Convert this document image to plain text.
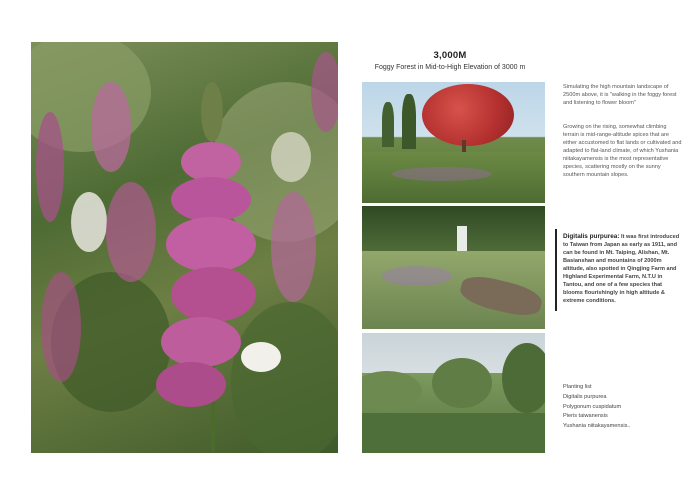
3,000M
Foggy Forest in Mid-to-High Elevation of 3000 m
Simulating the high mountain landscape of 2500m above, it is "walking in the foggy forest and listening to flower bloom"
Growing on the rising, somewhat climbing terrain is mid-range-altitude spices that are either accustomed to flat lands or cultivated and adapted to flat-land climate, of which Yushania niitakayamensis is the most representative species, scattering mostly on the sunny southern mountain slopes.
Digitalis purpurea: It was first introduced to Taiwan from Japan as early as 1911, and can be found in Mt. Taiping, Alishan, Mt. Basianshan and mountains of 2000m altitude, also spotted in Qingjing Farm and Highland Experimental Farm, N.T.U in Tantou, and one of a few species that blooms flourishingly in high altitude & extreme conditions.
Planting list
Digitalis purpurea
Polygonum cuspidatum
Pieris taiwanensis
Yushania niitakayamensis..
